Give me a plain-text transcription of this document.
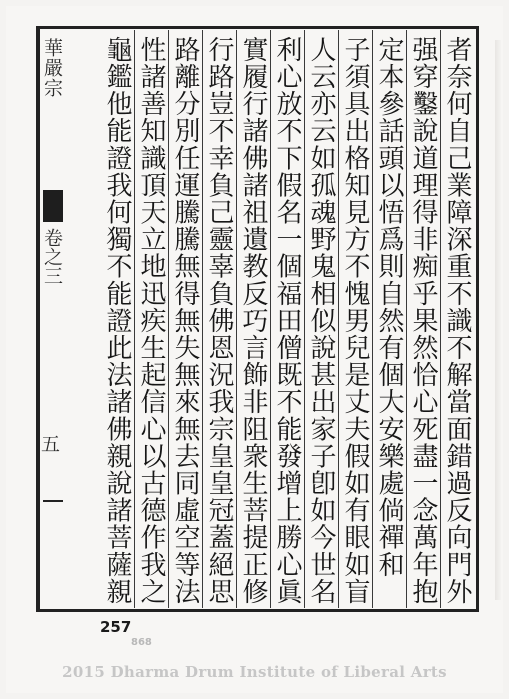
華嚴宗
卷之三
五	者奈何自己業障深重不識不解當面錯過反向門外
强穿鑿說道理得非痴乎果然恰心死盡一念萬年抱
定本參話頭以悟爲則自然有個大安樂處倘禪和
子須具出格知見方不愧男兒是丈夫假如有眼如盲
人云亦云如孤魂野鬼相似說甚出家子卽如今世名
利心放不下假名一個福田僧既不能發增上勝心眞
實履行諸佛諸祖遺教反巧言飾非阻衆生菩提正修
行路豈不幸負己靈辜負佛恩況我宗皇皇冠蓋絕思
路離分別任運騰騰無得無失無來無去同虛空等法
性諸善知識頂天立地迅疾生起信心以古德作我之
龜鑑他能證我何獨不能證此法諸佛親說諸菩薩親
257
868
2015 Dharma Drum Institute of Liberal Arts
